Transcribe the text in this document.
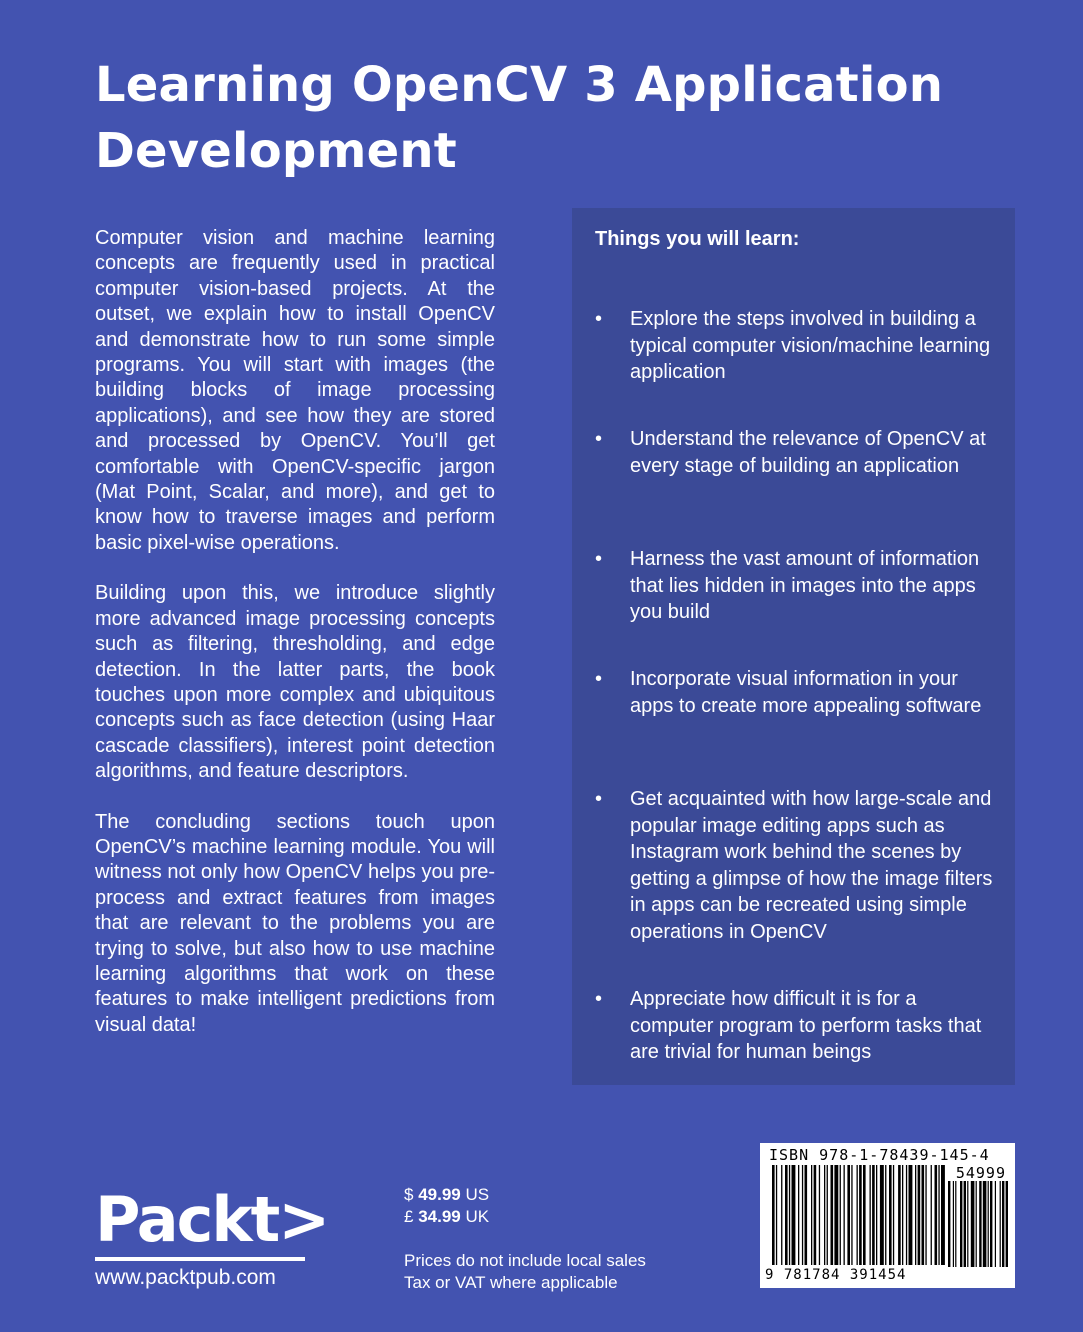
Learning OpenCV 3 Application Development

Computer vision and machine learning concepts are frequently used in practical computer vision-based projects. At the outset, we explain how to install OpenCV and demonstrate how to run some simple programs. You will start with images (the building blocks of image processing applications), and see how they are stored and processed by OpenCV. You’ll get comfortable with OpenCV-specific jargon (Mat Point, Scalar, and more), and get to know how to traverse images and perform basic pixel-wise operations.

Building upon this, we introduce slightly more advanced image processing concepts such as filtering, thresholding, and edge detection. In the latter parts, the book touches upon more complex and ubiquitous concepts such as face detection (using Haar cascade classifiers), interest point detection algorithms, and feature descriptors.

The concluding sections touch upon OpenCV’s machine learning module. You will witness not only how OpenCV helps you pre-process and extract features from images that are relevant to the problems you are trying to solve, but also how to use machine learning algorithms that work on these features to make intelligent predictions from visual data!

Things you will learn:
•	Explore the steps involved in building a typical computer vision/machine learning application
•	Understand the relevance of OpenCV at every stage of building an application
•	Harness the vast amount of information that lies hidden in images into the apps you build
•	Incorporate visual information in your apps to create more appealing software
•	Get acquainted with how large-scale and popular image editing apps such as Instagram work behind the scenes by getting a glimpse of how the image filters in apps can be recreated using simple operations in OpenCV
•	Appreciate how difficult it is for a computer program to perform tasks that are trivial for human beings
Packt>
www.packtpub.com
$ 49.99 US
£ 34.99 UK
Prices do not include local sales
Tax or VAT where applicable
ISBN 978-1-78439-145-4
54999
9 781784 391454
